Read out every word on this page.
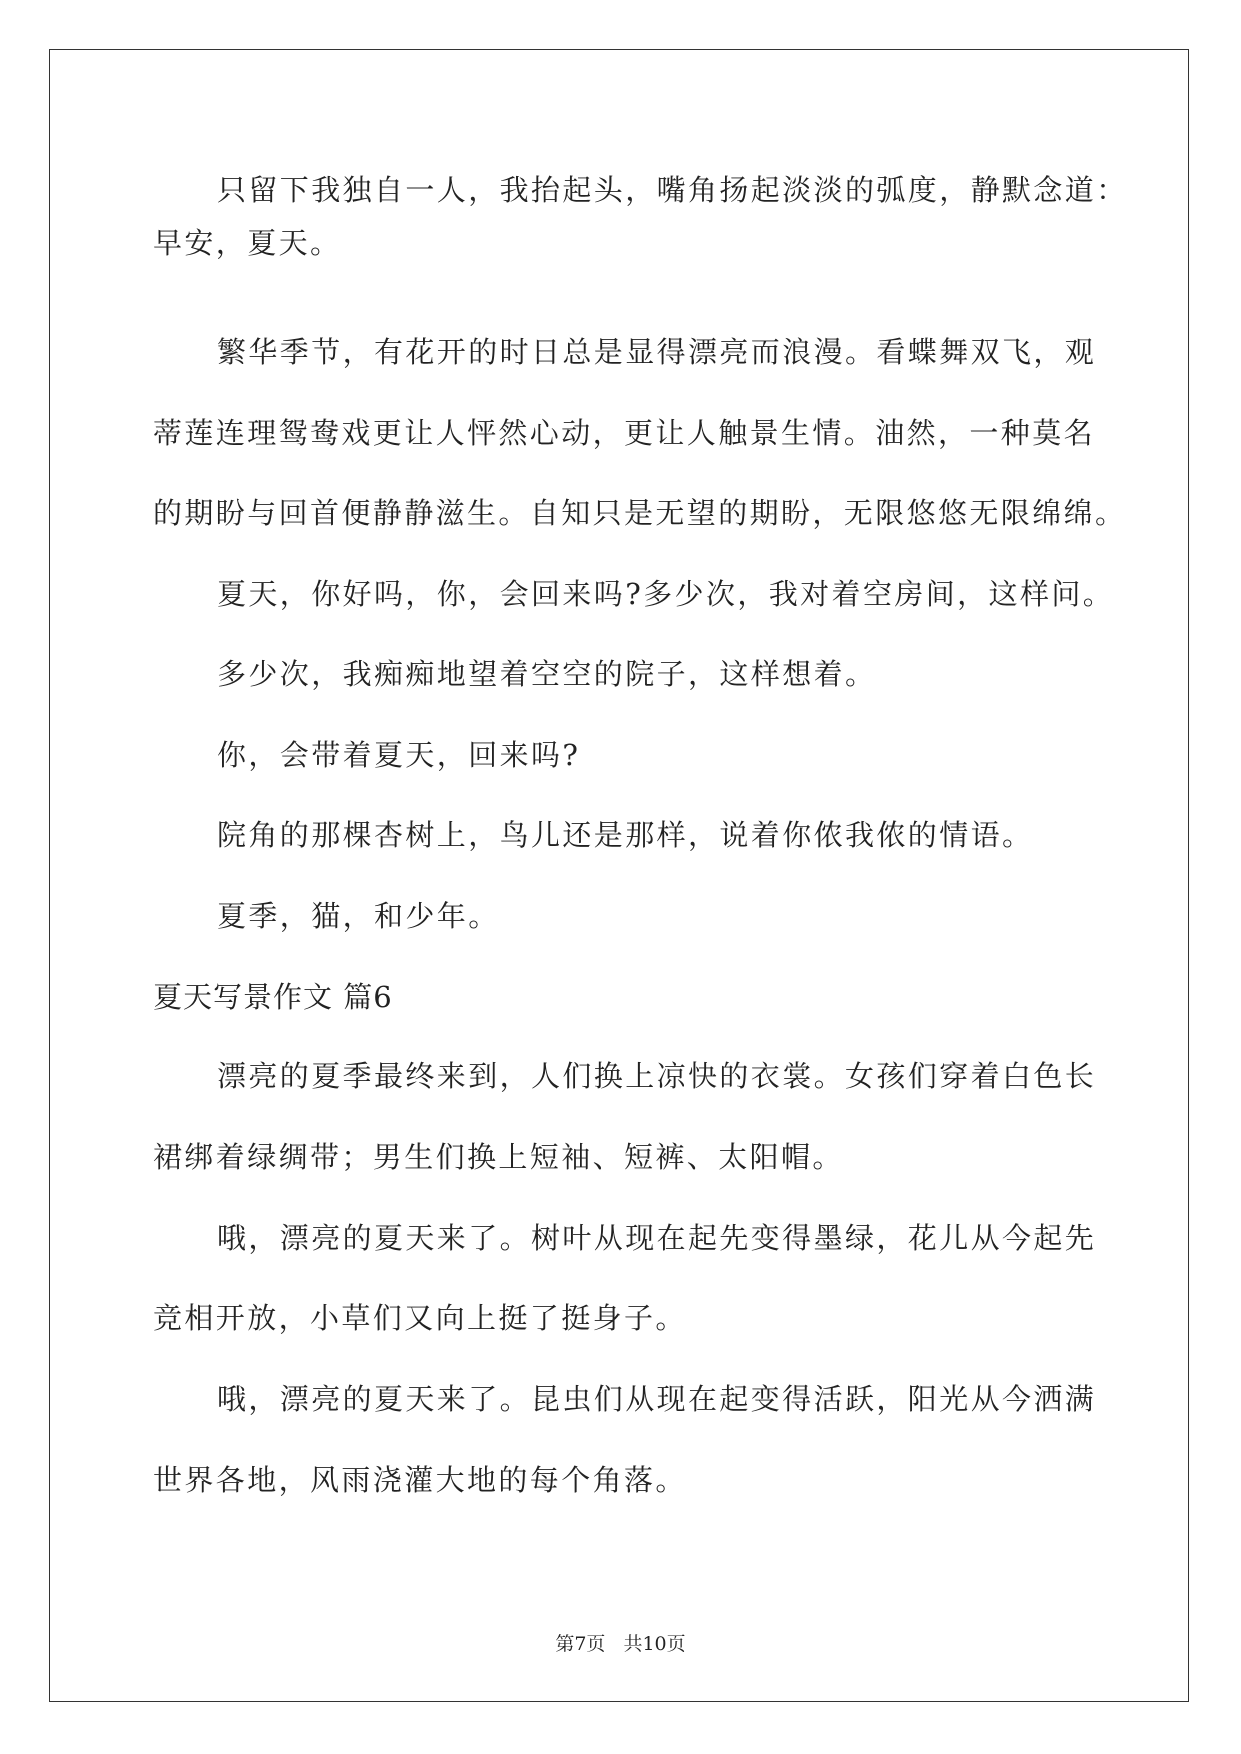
只留下我独自一人，我抬起头，嘴角扬起淡淡的弧度，静默念道：
早安，夏天。
繁华季节，有花开的时日总是显得漂亮而浪漫。看蝶舞双飞，观
蒂莲连理鸳鸯戏更让人怦然心动，更让人触景生情。油然，一种莫名
的期盼与回首便静静滋生。自知只是无望的期盼，无限悠悠无限绵绵。
夏天，你好吗，你，会回来吗?多少次，我对着空房间，这样问。
多少次，我痴痴地望着空空的院子，这样想着。
你，会带着夏天，回来吗?
院角的那棵杏树上，鸟儿还是那样，说着你侬我侬的情语。
夏季，猫，和少年。
夏天写景作文 篇6
漂亮的夏季最终来到，人们换上凉快的衣裳。女孩们穿着白色长
裙绑着绿绸带；男生们换上短袖、短裤、太阳帽。
哦，漂亮的夏天来了。树叶从现在起先变得墨绿，花儿从今起先
竞相开放，小草们又向上挺了挺身子。
哦，漂亮的夏天来了。昆虫们从现在起变得活跃，阳光从今洒满
世界各地，风雨浇灌大地的每个角落。
第7页 共10页
